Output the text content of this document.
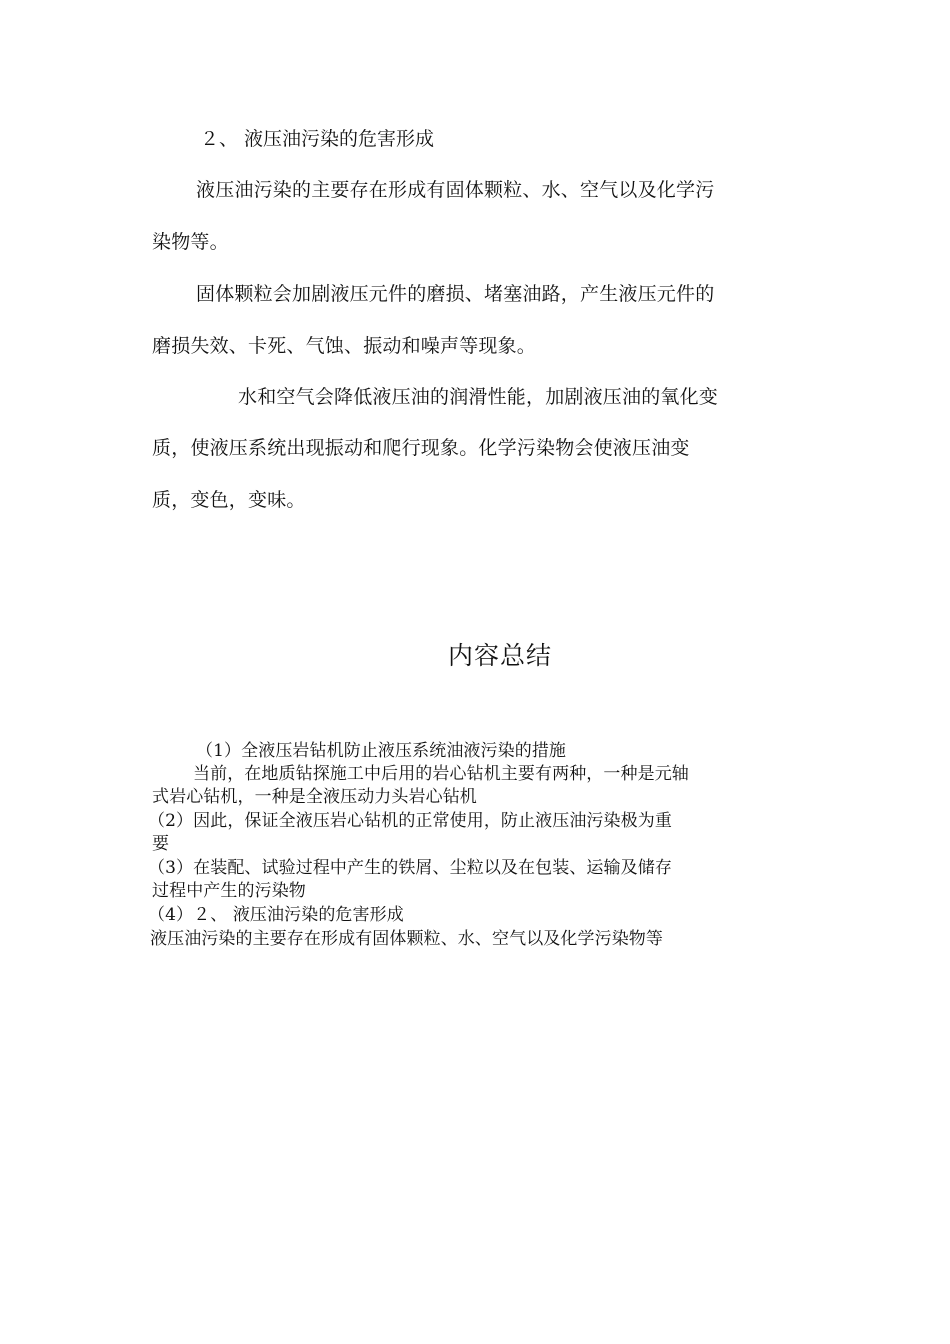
２、 液压油污染的危害形成

液压油污染的主要存在形成有固体颗粒、水、空气以及化学污

染物等。

固体颗粒会加剧液压元件的磨损、堵塞油路，产生液压元件的

磨损失效、卡死、气蚀、振动和噪声等现象。

水和空气会降低液压油的润滑性能，加剧液压油的氧化变

质，使液压系统出现振动和爬行现象。化学污染物会使液压油变

质，变色，变味。

内容总结

（1）全液压岩钻机防止液压系统油液污染的措施

当前，在地质钻探施工中后用的岩心钻机主要有两种，一种是元轴

式岩心钻机，一种是全液压动力头岩心钻机

（2）因此，保证全液压岩心钻机的正常使用，防止液压油污染极为重

要

（3）在装配、试验过程中产生的铁屑、尘粒以及在包装、运输及储存

过程中产生的污染物

（4）２、 液压油污染的危害形成

液压油污染的主要存在形成有固体颗粒、水、空气以及化学污染物等
